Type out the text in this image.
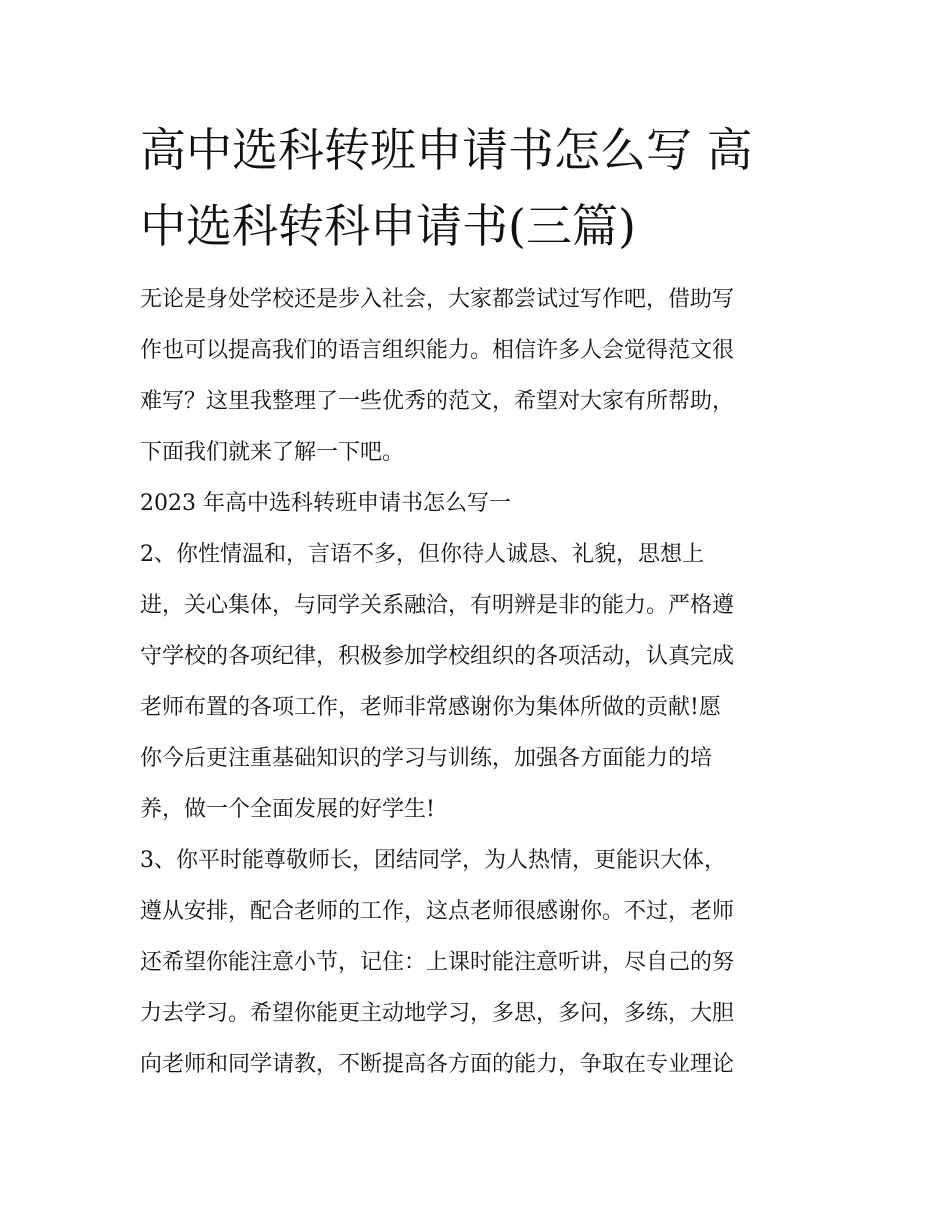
高中选科转班申请书怎么写 高
中选科转科申请书(三篇)

无论是身处学校还是步入社会，大家都尝试过写作吧，借助写

作也可以提高我们的语言组织能力。相信许多人会觉得范文很

难写？这里我整理了一些优秀的范文，希望对大家有所帮助，

下面我们就来了解一下吧。

2023 年高中选科转班申请书怎么写一

2、你性情温和，言语不多，但你待人诚恳、礼貌，思想上

进，关心集体，与同学关系融洽，有明辨是非的能力。严格遵

守学校的各项纪律，积极参加学校组织的各项活动，认真完成

老师布置的各项工作，老师非常感谢你为集体所做的贡献!愿

你今后更注重基础知识的学习与训练，加强各方面能力的培

养，做一个全面发展的好学生!

3、你平时能尊敬师长，团结同学，为人热情，更能识大体，

遵从安排，配合老师的工作，这点老师很感谢你。不过，老师

还希望你能注意小节，记住：上课时能注意听讲，尽自己的努

力去学习。希望你能更主动地学习，多思，多问，多练，大胆

向老师和同学请教，不断提高各方面的能力，争取在专业理论
